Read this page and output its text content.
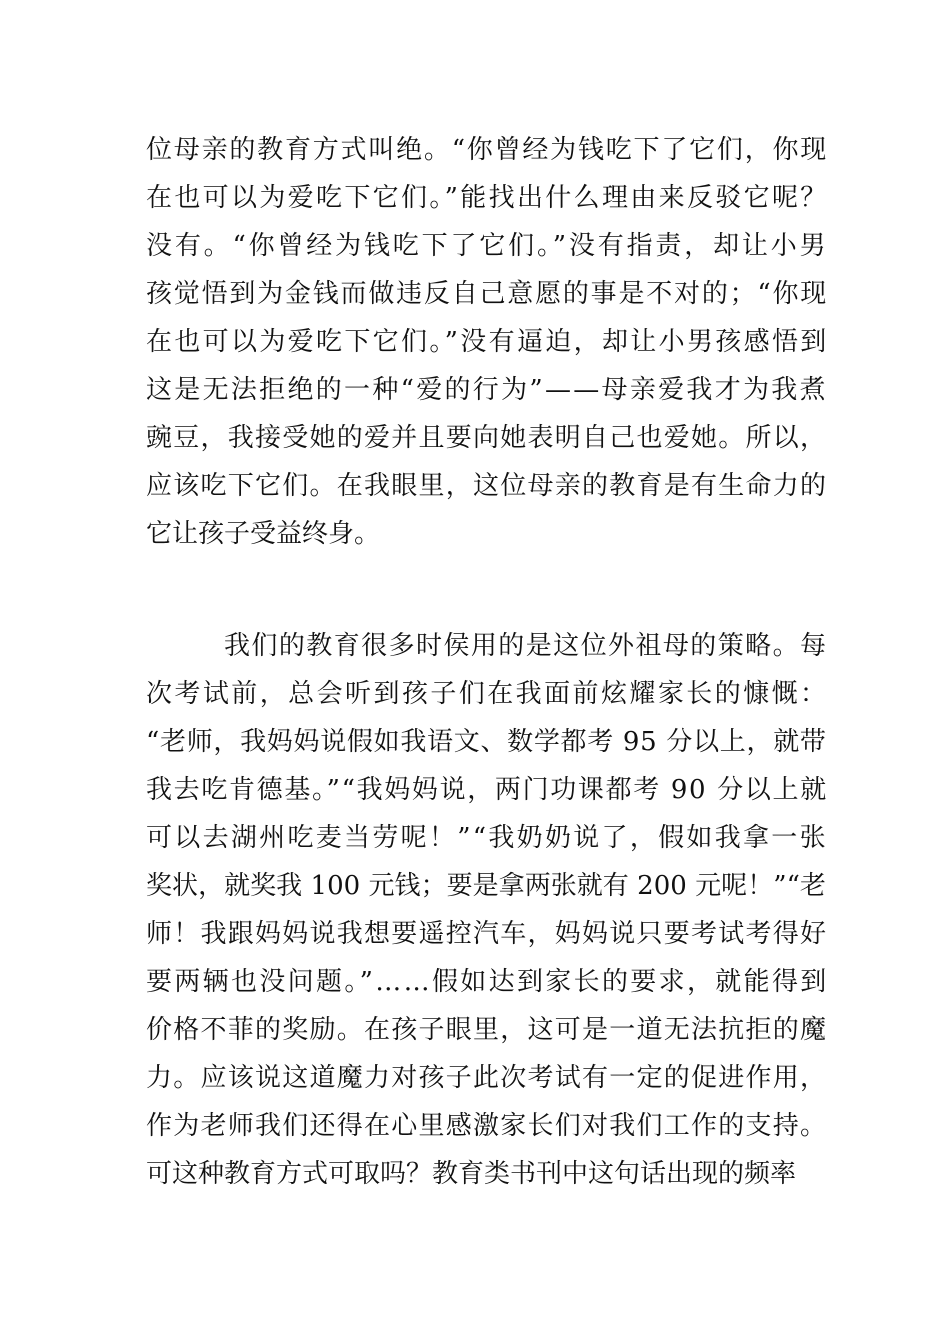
位母亲的教育方式叫绝。“你曾经为钱吃下了它们，你现
在也可以为爱吃下它们。”能找出什么理由来反驳它呢？
没有。“你曾经为钱吃下了它们。”没有指责，却让小男
孩觉悟到为金钱而做违反自己意愿的事是不对的；“你现
在也可以为爱吃下它们。”没有逼迫，却让小男孩感悟到
这是无法拒绝的一种“爱的行为”——母亲爱我才为我煮
豌豆，我接受她的爱并且要向她表明自己也爱她。所以，
应该吃下它们。在我眼里，这位母亲的教育是有生命力的
它让孩子受益终身。
我们的教育很多时侯用的是这位外祖母的策略。每
次考试前，总会听到孩子们在我面前炫耀家长的慷慨：
“老师，我妈妈说假如我语文、数学都考 95 分以上，就带
我去吃肯德基。”“我妈妈说，两门功课都考 90 分以上就
可以去湖州吃麦当劳呢！”“我奶奶说了，假如我拿一张
奖状，就奖我 100 元钱；要是拿两张就有 200 元呢！”“老
师！我跟妈妈说我想要遥控汽车，妈妈说只要考试考得好
要两辆也没问题。”……假如达到家长的要求，就能得到
价格不菲的奖励。在孩子眼里，这可是一道无法抗拒的魔
力。应该说这道魔力对孩子此次考试有一定的促进作用，
作为老师我们还得在心里感激家长们对我们工作的支持。
可这种教育方式可取吗？教育类书刊中这句话出现的频率
